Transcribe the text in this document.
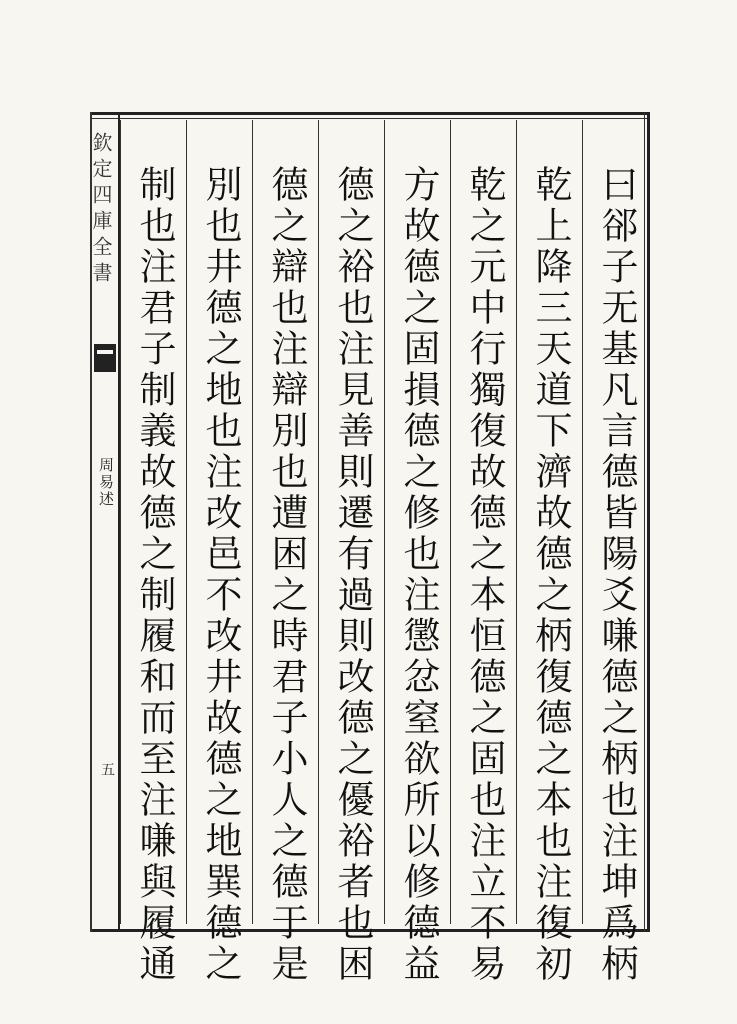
欽定四庫全書
周易述
五	曰郤子无基凡言德皆陽爻嗛德之柄也注坤爲柄
乾上降三天道下濟故德之柄復德之本也注復初
乾之元中行獨復故德之本恒德之固也注立不易
方故德之固損德之修也注懲忿窒欲所以修德益
德之裕也注見善則遷有過則改德之優裕者也困
德之辯也注辯別也遭困之時君子小人之德于是
別也井德之地也注改邑不改井故德之地巽德之
制也注君子制義故德之制履和而至注嗛與履通
